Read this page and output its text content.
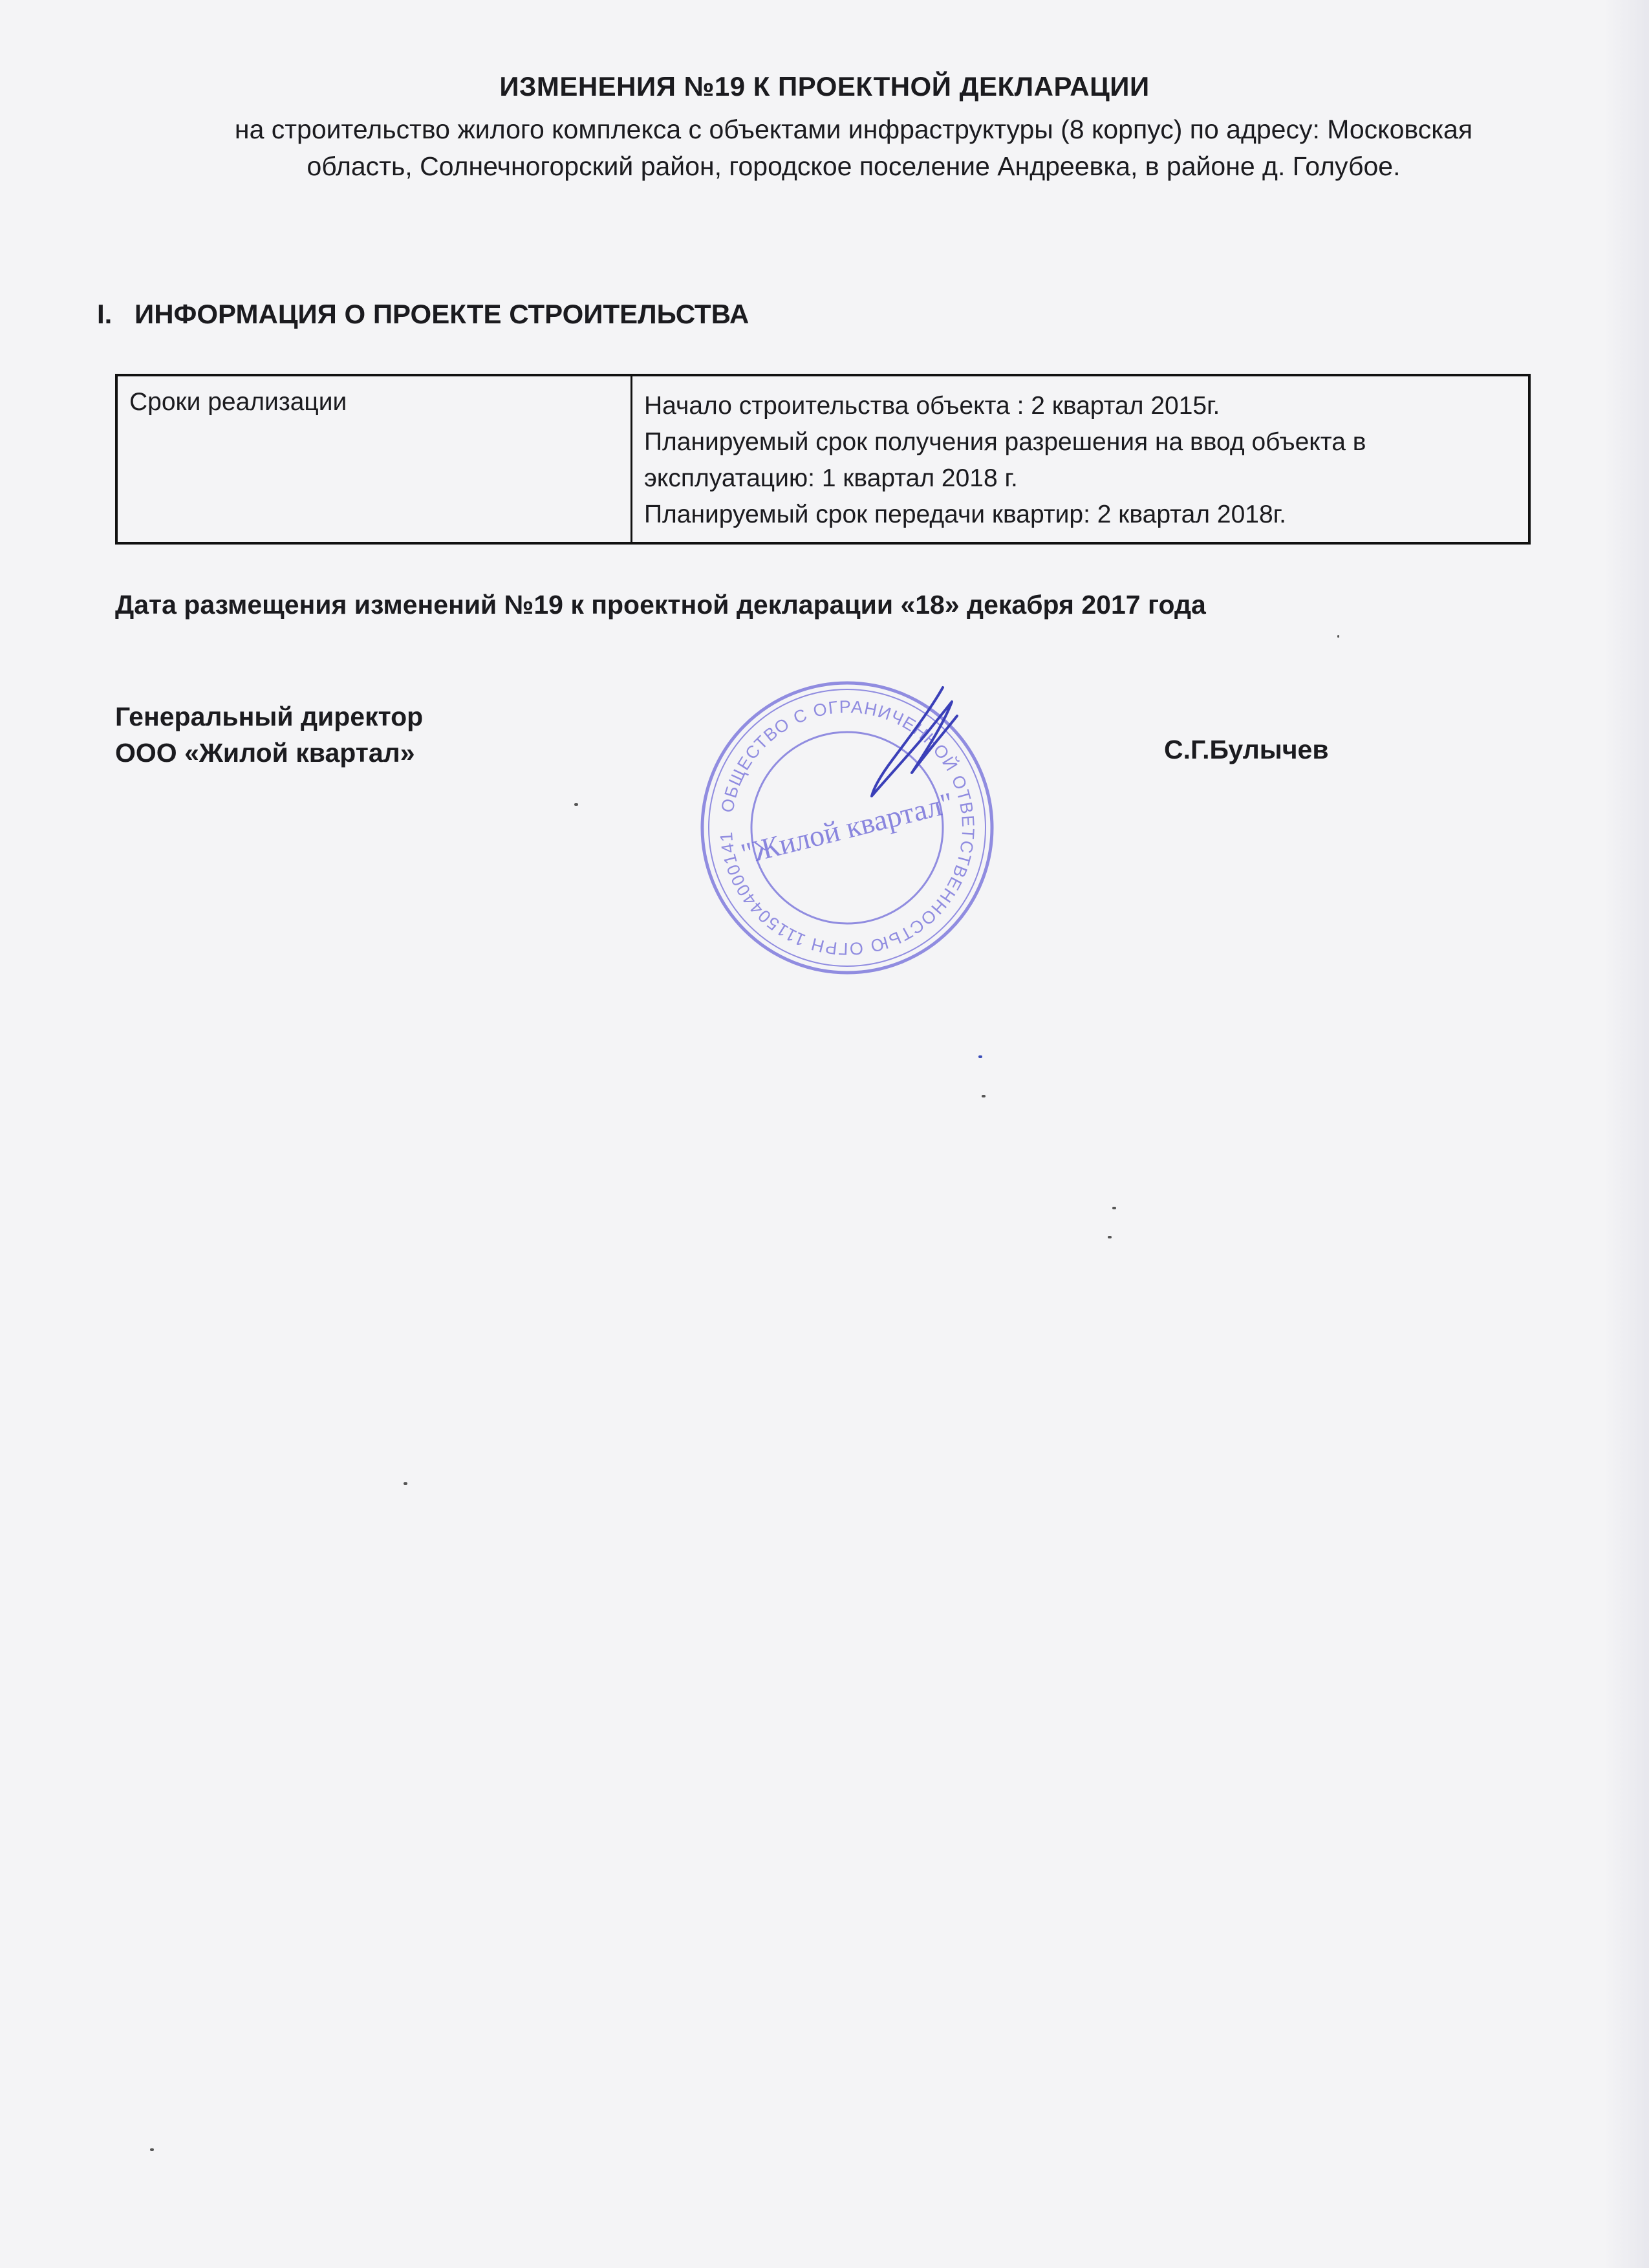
ИЗМЕНЕНИЯ №19 К ПРОЕКТНОЙ ДЕКЛАРАЦИИ
на строительство жилого комплекса с объектами инфраструктуры (8 корпус) по адресу: Московская
область, Солнечногорский район, городское поселение Андреевка, в районе д. Голубое.
I. ИНФОРМАЦИЯ О ПРОЕКТЕ СТРОИТЕЛЬСТВА
Сроки реализации	Начало строительства объекта : 2 квартал 2015г.
Планируемый срок получения разрешения на ввод объекта в
эксплуатацию: 1 квартал 2018 г.
Планируемый срок передачи квартир: 2 квартал 2018г.
Дата размещения изменений №19 к проектной декларации «18» декабря 2017 года
Генеральный директор
ООО «Жилой квартал»	С.Г.Булычев
ОБЩЕСТВО С ОГРАНИЧЕННОЙ ОТВЕТСТВЕННОСТЬЮ ОГРН 1115044000141 "Жилой квартал"
